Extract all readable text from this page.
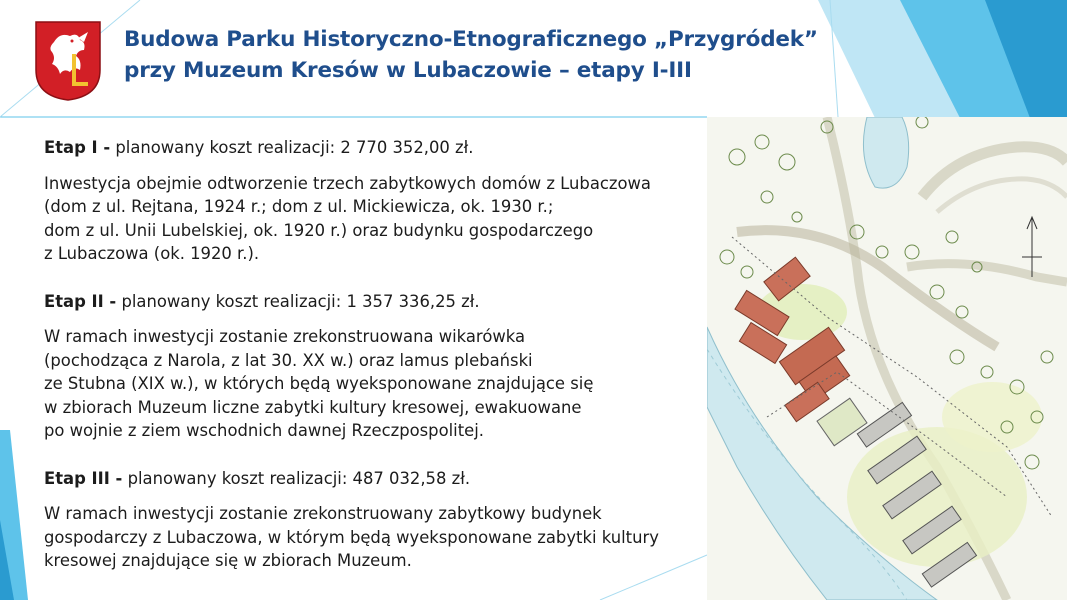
Budowa Parku Historyczno-Etnograficznego „Przygródek”
przy Muzeum Kresów w Lubaczowie – etapy I-III

Etap I - planowany koszt realizacji: 2 770 352,00 zł.

Inwestycja obejmie odtworzenie trzech zabytkowych domów z Lubaczowa
(dom z ul. Rejtana, 1924 r.; dom z ul. Mickiewicza, ok. 1930 r.;
dom z ul. Unii Lubelskiej, ok. 1920 r.) oraz budynku gospodarczego
z Lubaczowa (ok. 1920 r.).

Etap II - planowany koszt realizacji: 1 357 336,25 zł.

W ramach inwestycji zostanie zrekonstruowana wikarówka
(pochodząca z Narola, z lat 30. XX w.) oraz lamus plebański
ze Stubna (XIX w.), w których będą wyeksponowane znajdujące się
w zbiorach Muzeum liczne zabytki kultury kresowej, ewakuowane
po wojnie z ziem wschodnich dawnej Rzeczpospolitej.

Etap III - planowany koszt realizacji: 487 032,58 zł.

W ramach inwestycji zostanie zrekonstruowany zabytkowy budynek
gospodarczy z Lubaczowa, w którym będą wyeksponowane zabytki kultury
kresowej znajdujące się w zbiorach Muzeum.
